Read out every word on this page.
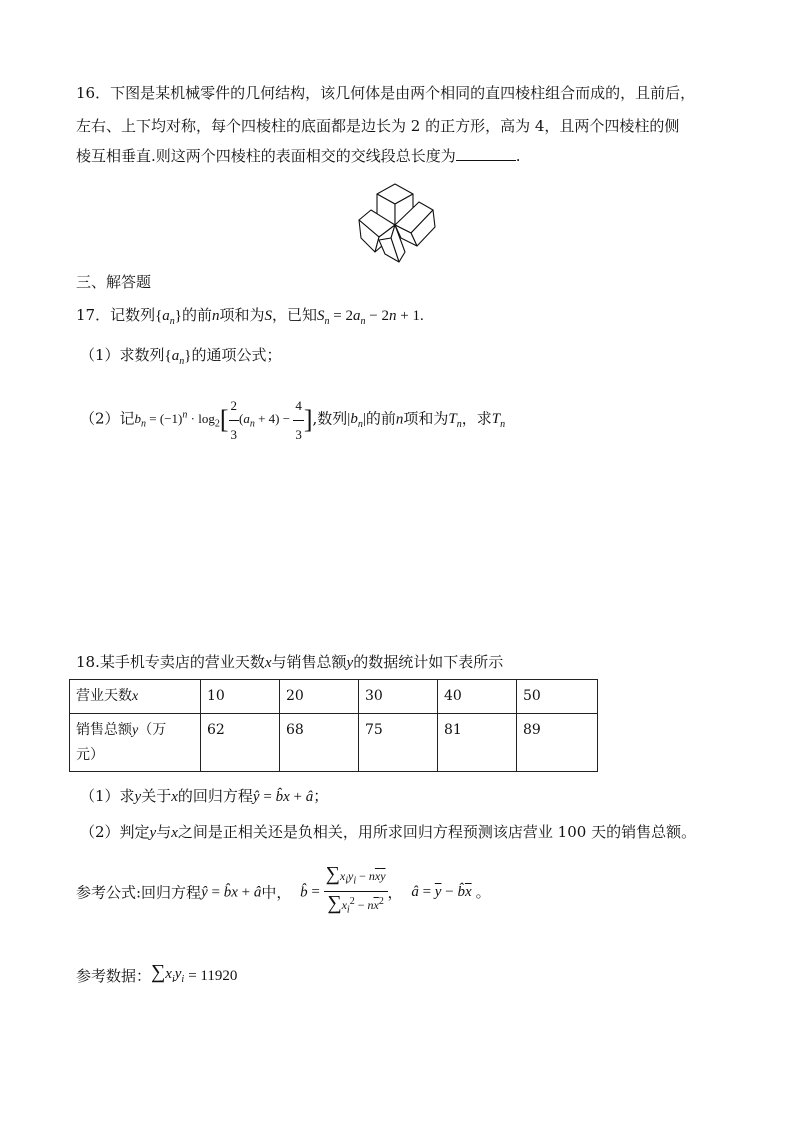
16．下图是某机械零件的几何结构，该几何体是由两个相同的直四棱柱组合而成的，且前后，
左右、上下均对称，每个四棱柱的底面都是边长为 2 的正方形，高为 4，且两个四棱柱的侧
棱互相垂直.则这两个四棱柱的表面相交的交线段总长度为	.
三、解答题
17．记数列$\{a_n\}$的前n项和为S，已知$S_n = 2a_n - 2n + 1$.
（1）求数列$\{a_n\}$的通项公式；
（2）记$b_n = (-1)^n \cdot \log_2[ \frac{2}{3} (a_n + 4) - \frac{4}{3}$ ],数列$|b_n|$的前n项和为$T_n$，求$T_n$
18.某手机专卖店的营业天数x与销售总额y的数据统计如下表所示
营业天数x	10	20	30	40	50
销售总额y（万
元）	62	68	75	81	89
（1）求y关于x的回归方程ŷ = b̂x + â；
（2）判定y与x之间是正相关还是负相关，用所求回归方程预测该店营业 100 天的销售总额。
参考公式:回归方程ŷ = b̂x + â中， b̂ = $\frac{\sum x_iy_i - n\overline{x}\overline{y}}{\sum x_i^2 - n\overline{x}^2}$ ， â = $\overline{y}$ − $b̂\overline{x}$ 。
参考数据：$\sum x_iy_i = 11920$
